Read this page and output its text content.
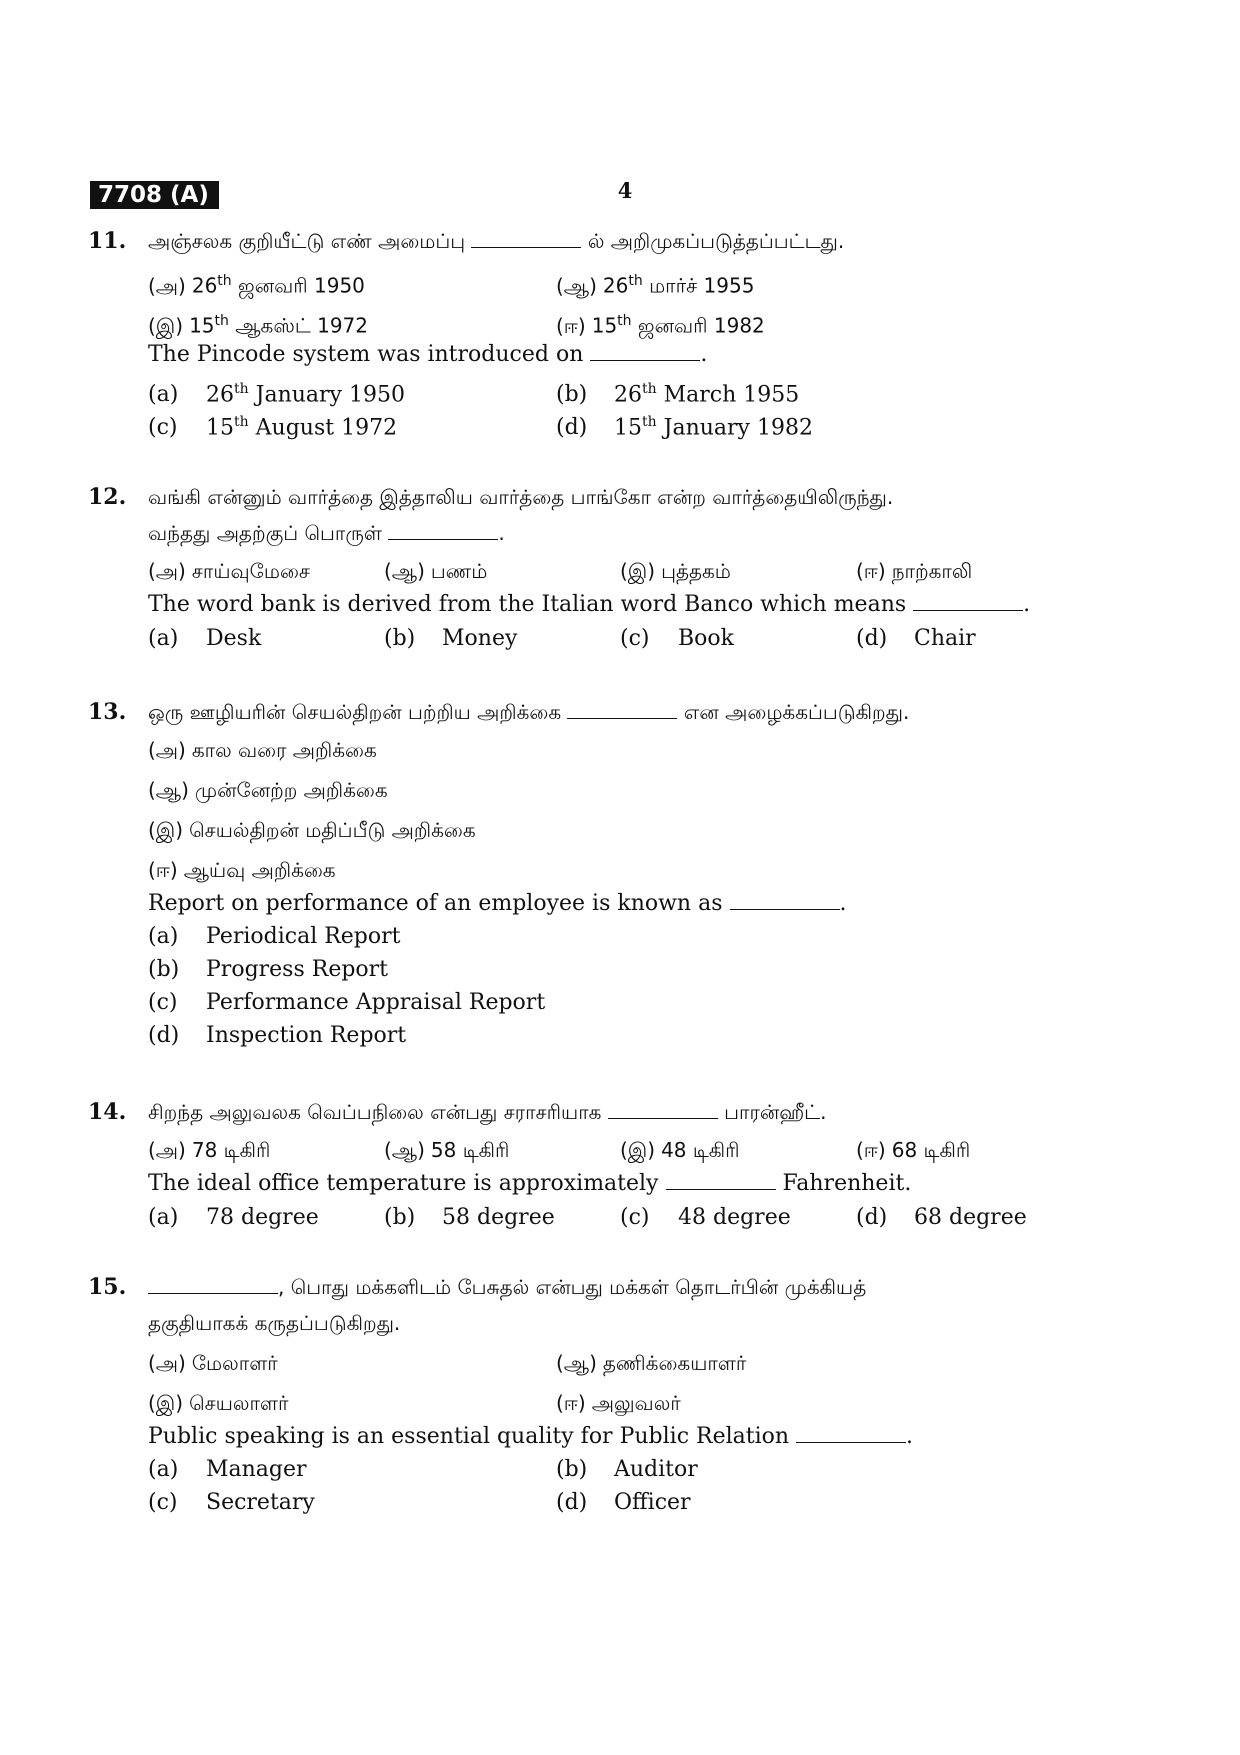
7708 (A)	4
11. அஞ்சலக குறியீட்டு எண் அமைப்பு	ல் அறிமுகப்படுத்தப்பட்டது.
(அ) 26th ஜனவரி 1950	(ஆ) 26th மார்ச் 1955
(இ) 15th ஆகஸ்ட் 1972	(ஈ) 15th ஜனவரி 1982
The Pincode system was introduced on	.
(a) 26th January 1950	(b) 26th March 1955
(c) 15th August 1972	(d) 15th January 1982
12. வங்கி என்னும் வார்த்தை இத்தாலிய வார்த்தை பாங்கோ என்ற வார்த்தையிலிருந்து.
வந்தது அதற்குப் பொருள்	.
(அ) சாய்வுமேசை	(ஆ) பணம்	(இ) புத்தகம்	(ஈ) நாற்காலி
The word bank is derived from the Italian word Banco which means	.
(a) Desk	(b) Money	(c) Book	(d) Chair
13. ஒரு ஊழியரின் செயல்திறன் பற்றிய அறிக்கை	என அழைக்கப்படுகிறது.
(அ) கால வரை அறிக்கை
(ஆ) முன்னேற்ற அறிக்கை
(இ) செயல்திறன் மதிப்பீடு அறிக்கை
(ஈ) ஆய்வு அறிக்கை
Report on performance of an employee is known as	.
(a) Periodical Report
(b) Progress Report
(c) Performance Appraisal Report
(d) Inspection Report
14. சிறந்த அலுவலக வெப்பநிலை என்பது சராசரியாக	பாரன்ஹீட்.
(அ) 78 டிகிரி	(ஆ) 58 டிகிரி	(இ) 48 டிகிரி	(ஈ) 68 டிகிரி
The ideal office temperature is approximately	Fahrenheit.
(a) 78 degree	(b) 58 degree	(c) 48 degree	(d) 68 degree
15.	, பொது மக்களிடம் பேசுதல் என்பது மக்கள் தொடர்பின் முக்கியத்
தகுதியாகக் கருதப்படுகிறது.
(அ) மேலாளர்	(ஆ) தணிக்கையாளர்
(இ) செயலாளர்	(ஈ) அலுவலர்
Public speaking is an essential quality for Public Relation	.
(a) Manager	(b) Auditor
(c) Secretary	(d) Officer
